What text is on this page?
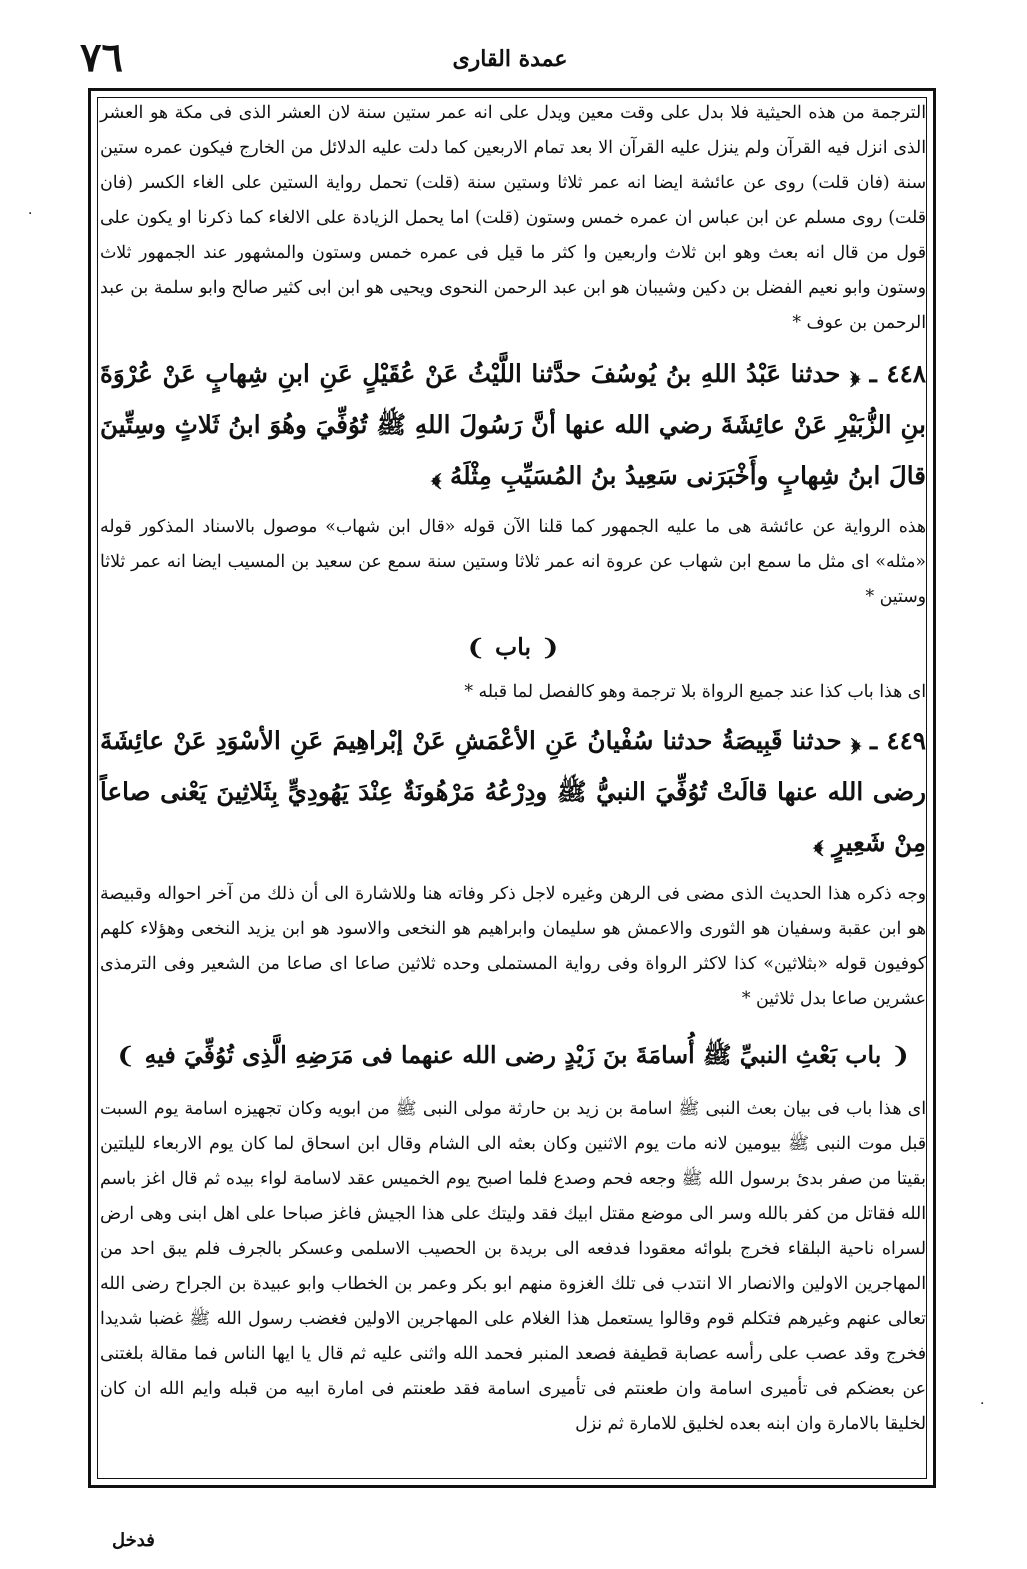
٧٦	عمدة القارى

الترجمة من هذه الحيثية فلا بدل على وقت معين ويدل على انه عمر ستين سنة لان العشر الذى فى مكة هو العشر الذى انزل فيه القرآن ولم ينزل عليه القرآن الا بعد تمام الاربعين كما دلت عليه الدلائل من الخارج فيكون عمره ستين سنة (فان قلت) روى عن عائشة ايضا انه عمر ثلاثا وستين سنة (قلت) تحمل رواية الستين على الغاء الكسر (فان قلت) روى مسلم عن ابن عباس ان عمره خمس وستون (قلت) اما يحمل الزيادة على الالغاء كما ذكرنا او يكون على قول من قال انه بعث وهو ابن ثلاث واربعين وا كثر ما قيل فى عمره خمس وستون والمشهور عند الجمهور ثلاث وستون وابو نعيم الفضل بن دكين وشيبان هو ابن عبد الرحمن النحوى ويحيى هو ابن ابى كثير صالح وابو سلمة بن عبد الرحمن بن عوف *

٤٤٨ ـ ﴿ حدثنا عَبْدُ اللهِ بنُ يُوسُفَ حدَّثنا اللَّيْثُ عَنْ عُقَيْلٍ عَنِ ابنِ شِهابٍ عَنْ عُرْوَةَ بنِ الزُّبَيْرِ عَنْ عائِشَةَ رضي الله عنها أنَّ رَسُولَ اللهِ ﷺ تُوُفِّيَ وهُوَ ابنُ ثَلاثٍ وسِتِّينَ قالَ ابنُ شِهابٍ وأَخْبَرَنى سَعِيدُ بنُ المُسَيِّبِ مِثْلَهُ ﴾

هذه الرواية عن عائشة هى ما عليه الجمهور كما قلنا الآن قوله «قال ابن شهاب» موصول بالاسناد المذكور قوله «مثله» اى مثل ما سمع ابن شهاب عن عروة انه عمر ثلاثا وستين سنة سمع عن سعيد بن المسيب ايضا انه عمر ثلاثا وستين *

❨باب❩

اى هذا باب كذا عند جميع الرواة بلا ترجمة وهو كالفصل لما قبله *

٤٤٩ ـ ﴿ حدثنا قَبِيصَةُ حدثنا سُفْيانُ عَنِ الأعْمَشِ عَنْ إبْراهِيمَ عَنِ الأسْوَدِ عَنْ عائِشَةَ رضى الله عنها قالَتْ تُوُفِّيَ النبيُّ ﷺ ودِرْعُهُ مَرْهُونَةٌ عِنْدَ يَهُودِيٍّ بِثَلاثِينَ يَعْنى صاعاً مِنْ شَعِيرٍ ﴾

وجه ذكره هذا الحديث الذى مضى فى الرهن وغيره لاجل ذكر وفاته هنا وللاشارة الى أن ذلك من آخر احواله وقبيصة هو ابن عقبة وسفيان هو الثورى والاعمش هو سليمان وابراهيم هو النخعى والاسود هو ابن يزيد النخعى وهؤلاء كلهم كوفيون قوله «بثلاثين» كذا لاكثر الرواة وفى رواية المستملى وحده ثلاثين صاعا اى صاعا من الشعير وفى الترمذى عشرين صاعا بدل ثلاثين *

❨باب بَعْثِ النبيِّ ﷺ أُسامَةَ بنَ زَيْدٍ رضى الله عنهما فى مَرَضِهِ الَّذِى تُوُفِّيَ فيهِ❩

اى هذا باب فى بيان بعث النبى ﷺ اسامة بن زيد بن حارثة مولى النبى ﷺ من ابويه وكان تجهيزه اسامة يوم السبت قبل موت النبى ﷺ بيومين لانه مات يوم الاثنين وكان بعثه الى الشام وقال ابن اسحاق لما كان يوم الاربعاء لليلتين بقيتا من صفر بدئ برسول الله ﷺ وجعه فحم وصدع فلما اصبح يوم الخميس عقد لاسامة لواء بيده ثم قال اغز باسم الله فقاتل من كفر بالله وسر الى موضع مقتل ابيك فقد وليتك على هذا الجيش فاغز صباحا على اهل ابنى وهى ارض لسراه ناحية البلقاء فخرج بلوائه معقودا فدفعه الى بريدة بن الحصيب الاسلمى وعسكر بالجرف فلم يبق احد من المهاجرين الاولين والانصار الا انتدب فى تلك الغزوة منهم ابو بكر وعمر بن الخطاب وابو عبيدة بن الجراح رضى الله تعالى عنهم وغيرهم فتكلم قوم وقالوا يستعمل هذا الغلام على المهاجرين الاولين فغضب رسول الله ﷺ غضبا شديدا فخرج وقد عصب على رأسه عصابة قطيفة فصعد المنبر فحمد الله واثنى عليه ثم قال يا ايها الناس فما مقالة بلغتنى عن بعضكم فى تأميرى اسامة وان طعنتم فى تأميرى اسامة فقد طعنتم فى امارة ابيه من قبله وايم الله ان كان لخليقا بالامارة وان ابنه بعده لخليق للامارة ثم نزل

فدخل
·
·
